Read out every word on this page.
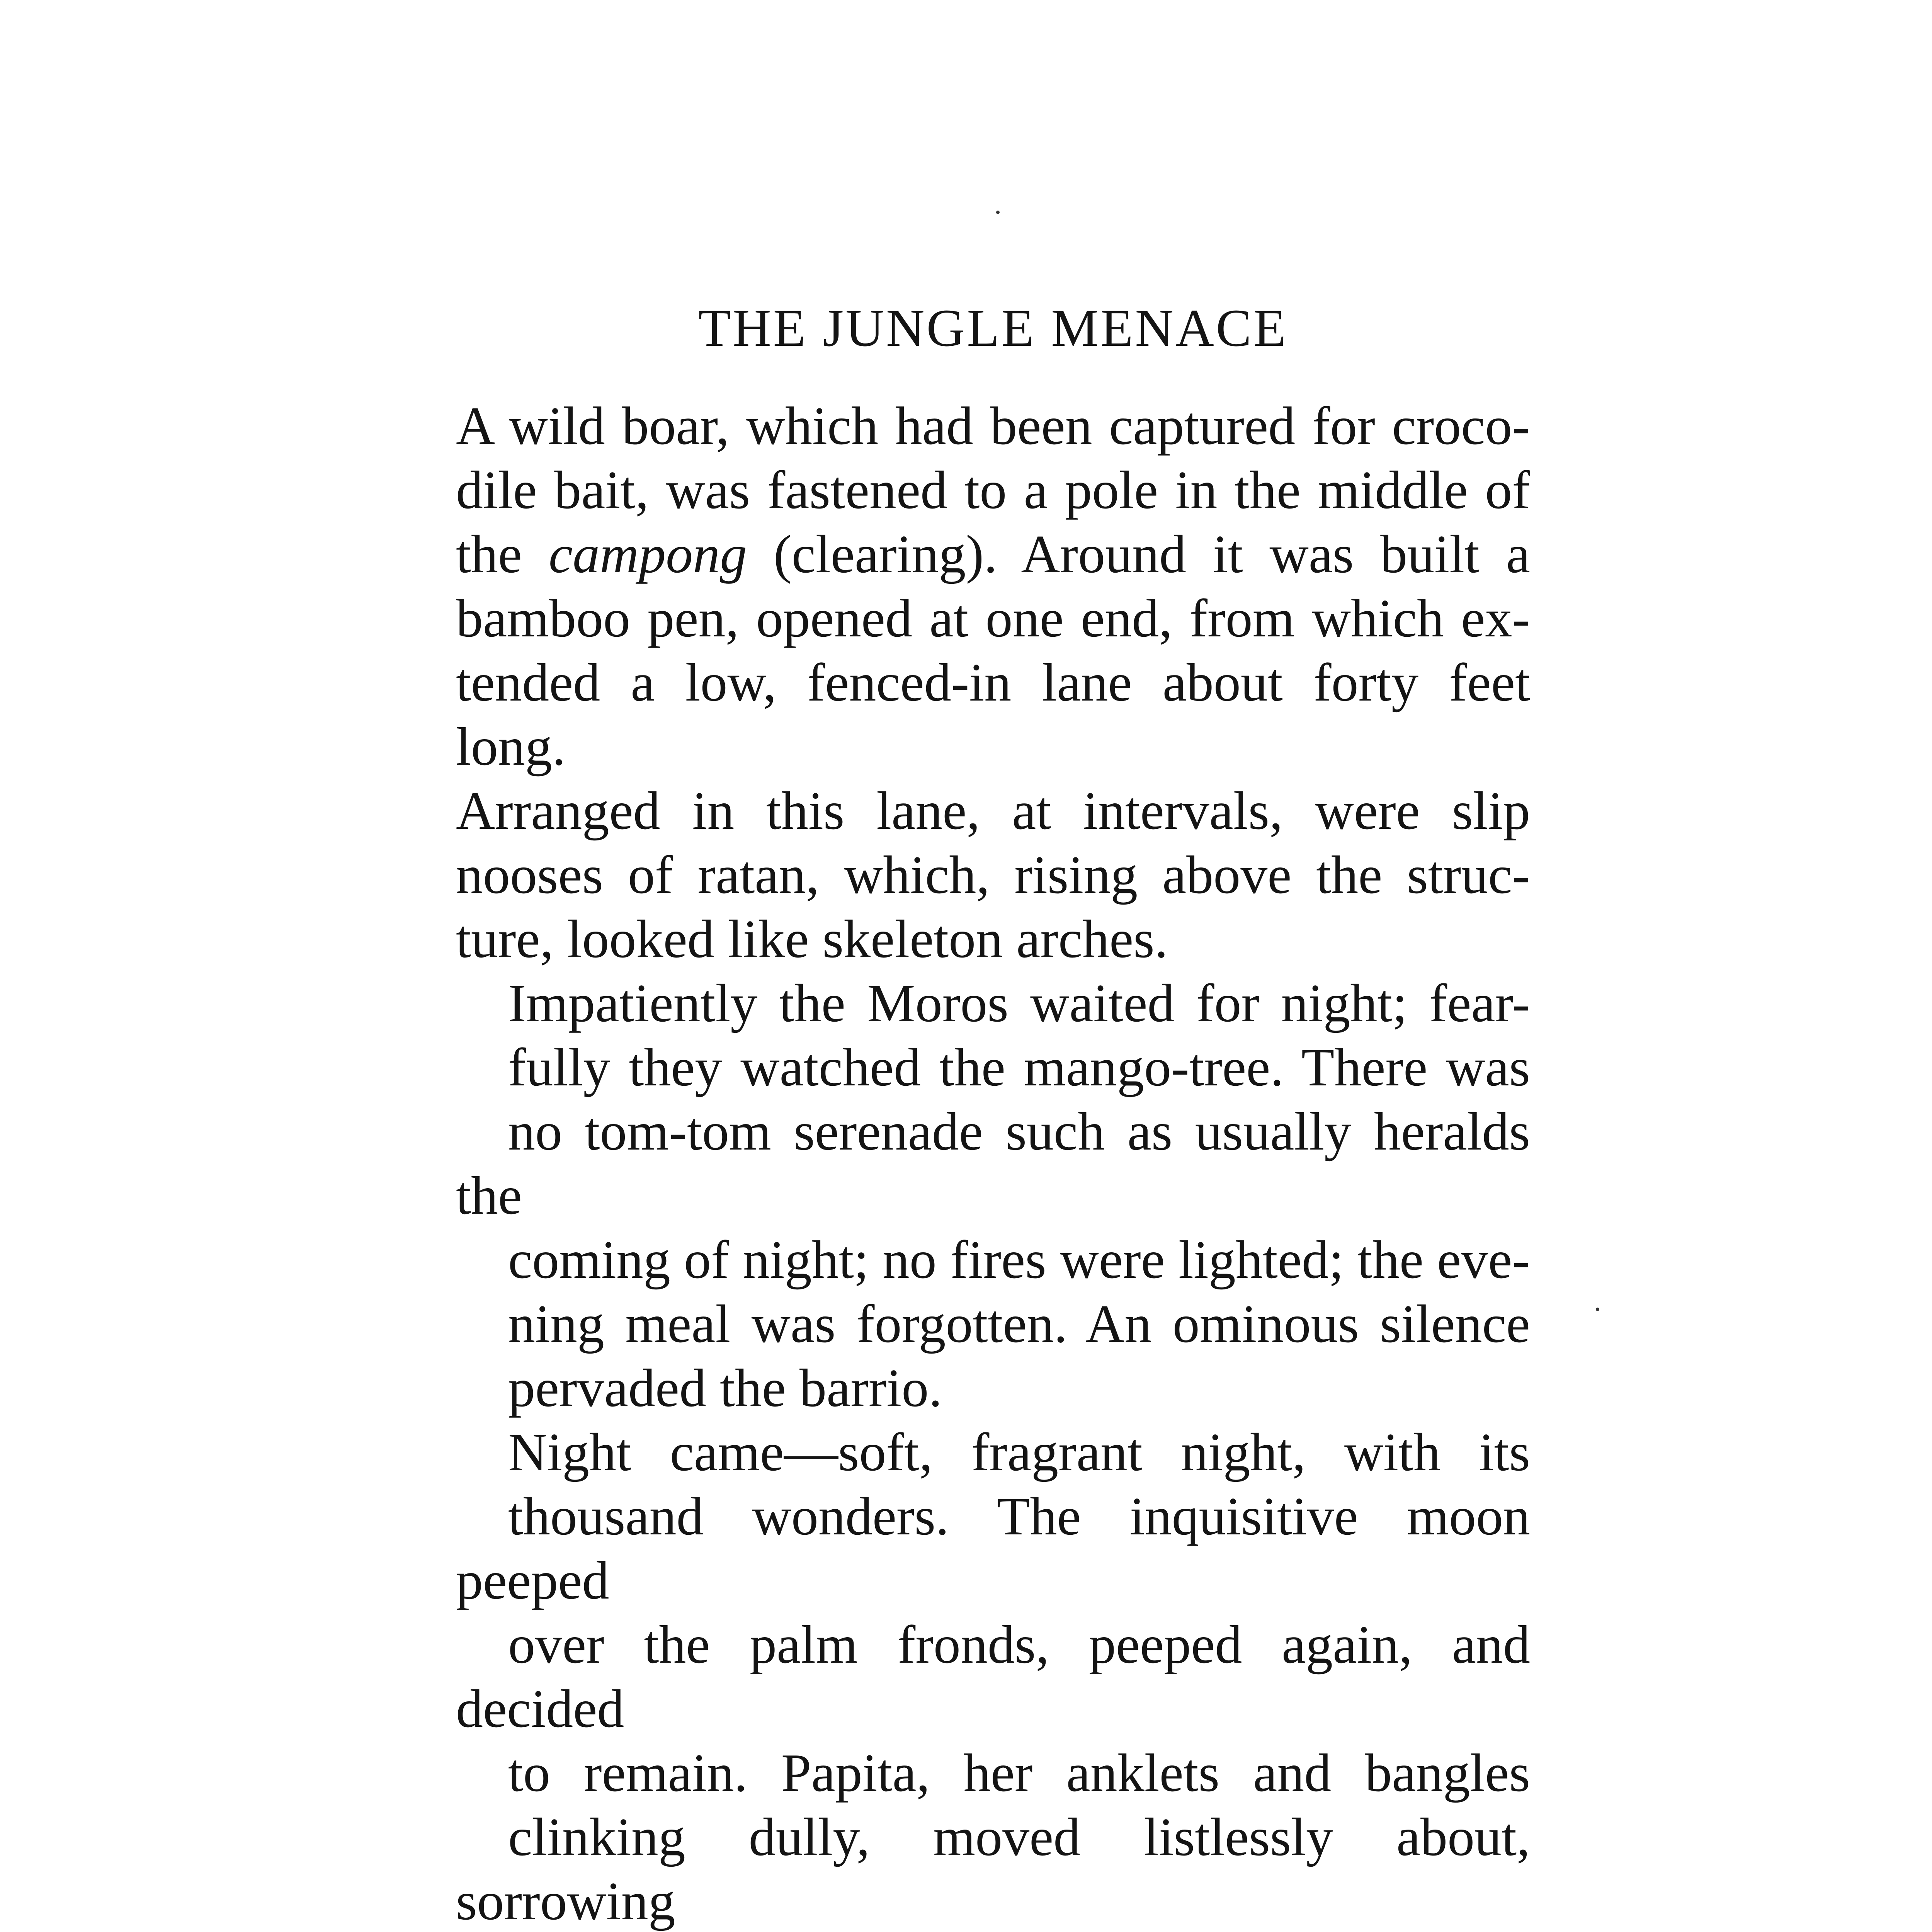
THE JUNGLE MENACE

A wild boar, which had been captured for croco-
dile bait, was fastened to a pole in the middle of
the campong (clearing). Around it was built a
bamboo pen, opened at one end, from which ex-
tended a low, fenced-in lane about forty feet long.
Arranged in this lane, at intervals, were slip
nooses of ratan, which, rising above the struc-
ture, looked like skeleton arches.

Impatiently the Moros waited for night; fear-
fully they watched the mango-tree. There was
no tom-tom serenade such as usually heralds the
coming of night; no fires were lighted; the eve-
ning meal was forgotten. An ominous silence
pervaded the barrio.

Night came—soft, fragrant night, with its
thousand wonders. The inquisitive moon peeped
over the palm fronds, peeped again, and decided
to remain. Papita, her anklets and bangles
clinking dully, moved listlessly about, sorrowing
